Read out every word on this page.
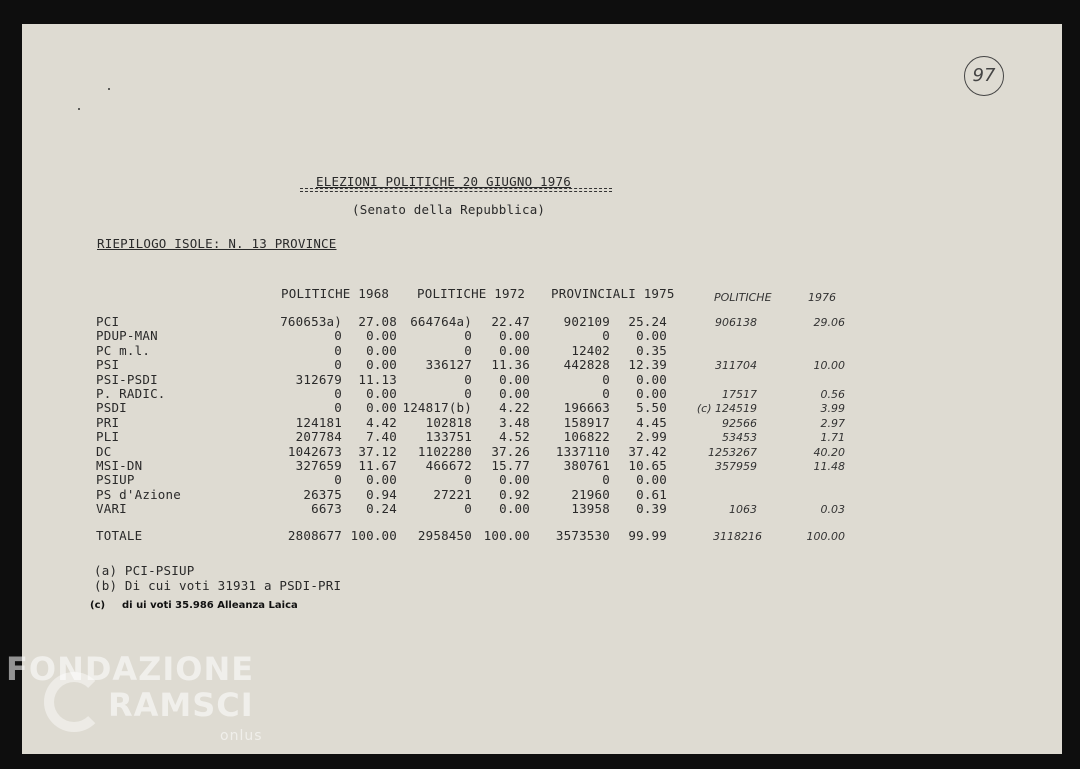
97
ELEZIONI POLITICHE 20 GIUGNO 1976
(Senato della Repubblica)
RIEPILOGO ISOLE: N. 13 PROVINCE
POLITICHE 1968 POLITICHE 1972 PROVINCIALI 1975	POLITICHE	1976
PCI	760653a)	27.08	664764a)	22.47	902109	25.24	906138	29.06
PDUP-MAN	0	0.00	0	0.00	0	0.00
PC m.l.	0	0.00	0	0.00	12402	0.35
PSI	0	0.00	336127	11.36	442828	12.39	311704	10.00
PSI-PSDI	312679	11.13	0	0.00	0	0.00
P. RADIC.	0	0.00	0	0.00	0	0.00	17517	0.56
PSDI	0	0.00 124817(b)	4.22	196663	5.50	(c) 124519	3.99
PRI	124181	4.42	102818	3.48	158917	4.45	92566	2.97
PLI	207784	7.40	133751	4.52	106822	2.99	53453	1.71
DC	1042673	37.12	1102280	37.26	1337110	37.42	1253267	40.20
MSI-DN	327659	11.67	466672	15.77	380761	10.65	357959	11.48
PSIUP	0	0.00	0	0.00	0	0.00
PS d'Azione	26375	0.94	27221	0.92	21960	0.61
VARI	6673	0.24	0	0.00	13958	0.39	1063	0.03
TOTALE	2808677 100.00	2958450 100.00	3573530	99.99	3118216	100.00
(a) PCI-PSIUP
(b) Di cui voti 31931 a PSDI-PRI
(c) di ui voti 35.986 Alleanza Laica
FONDAZIONE
RAMSCI
onlus
